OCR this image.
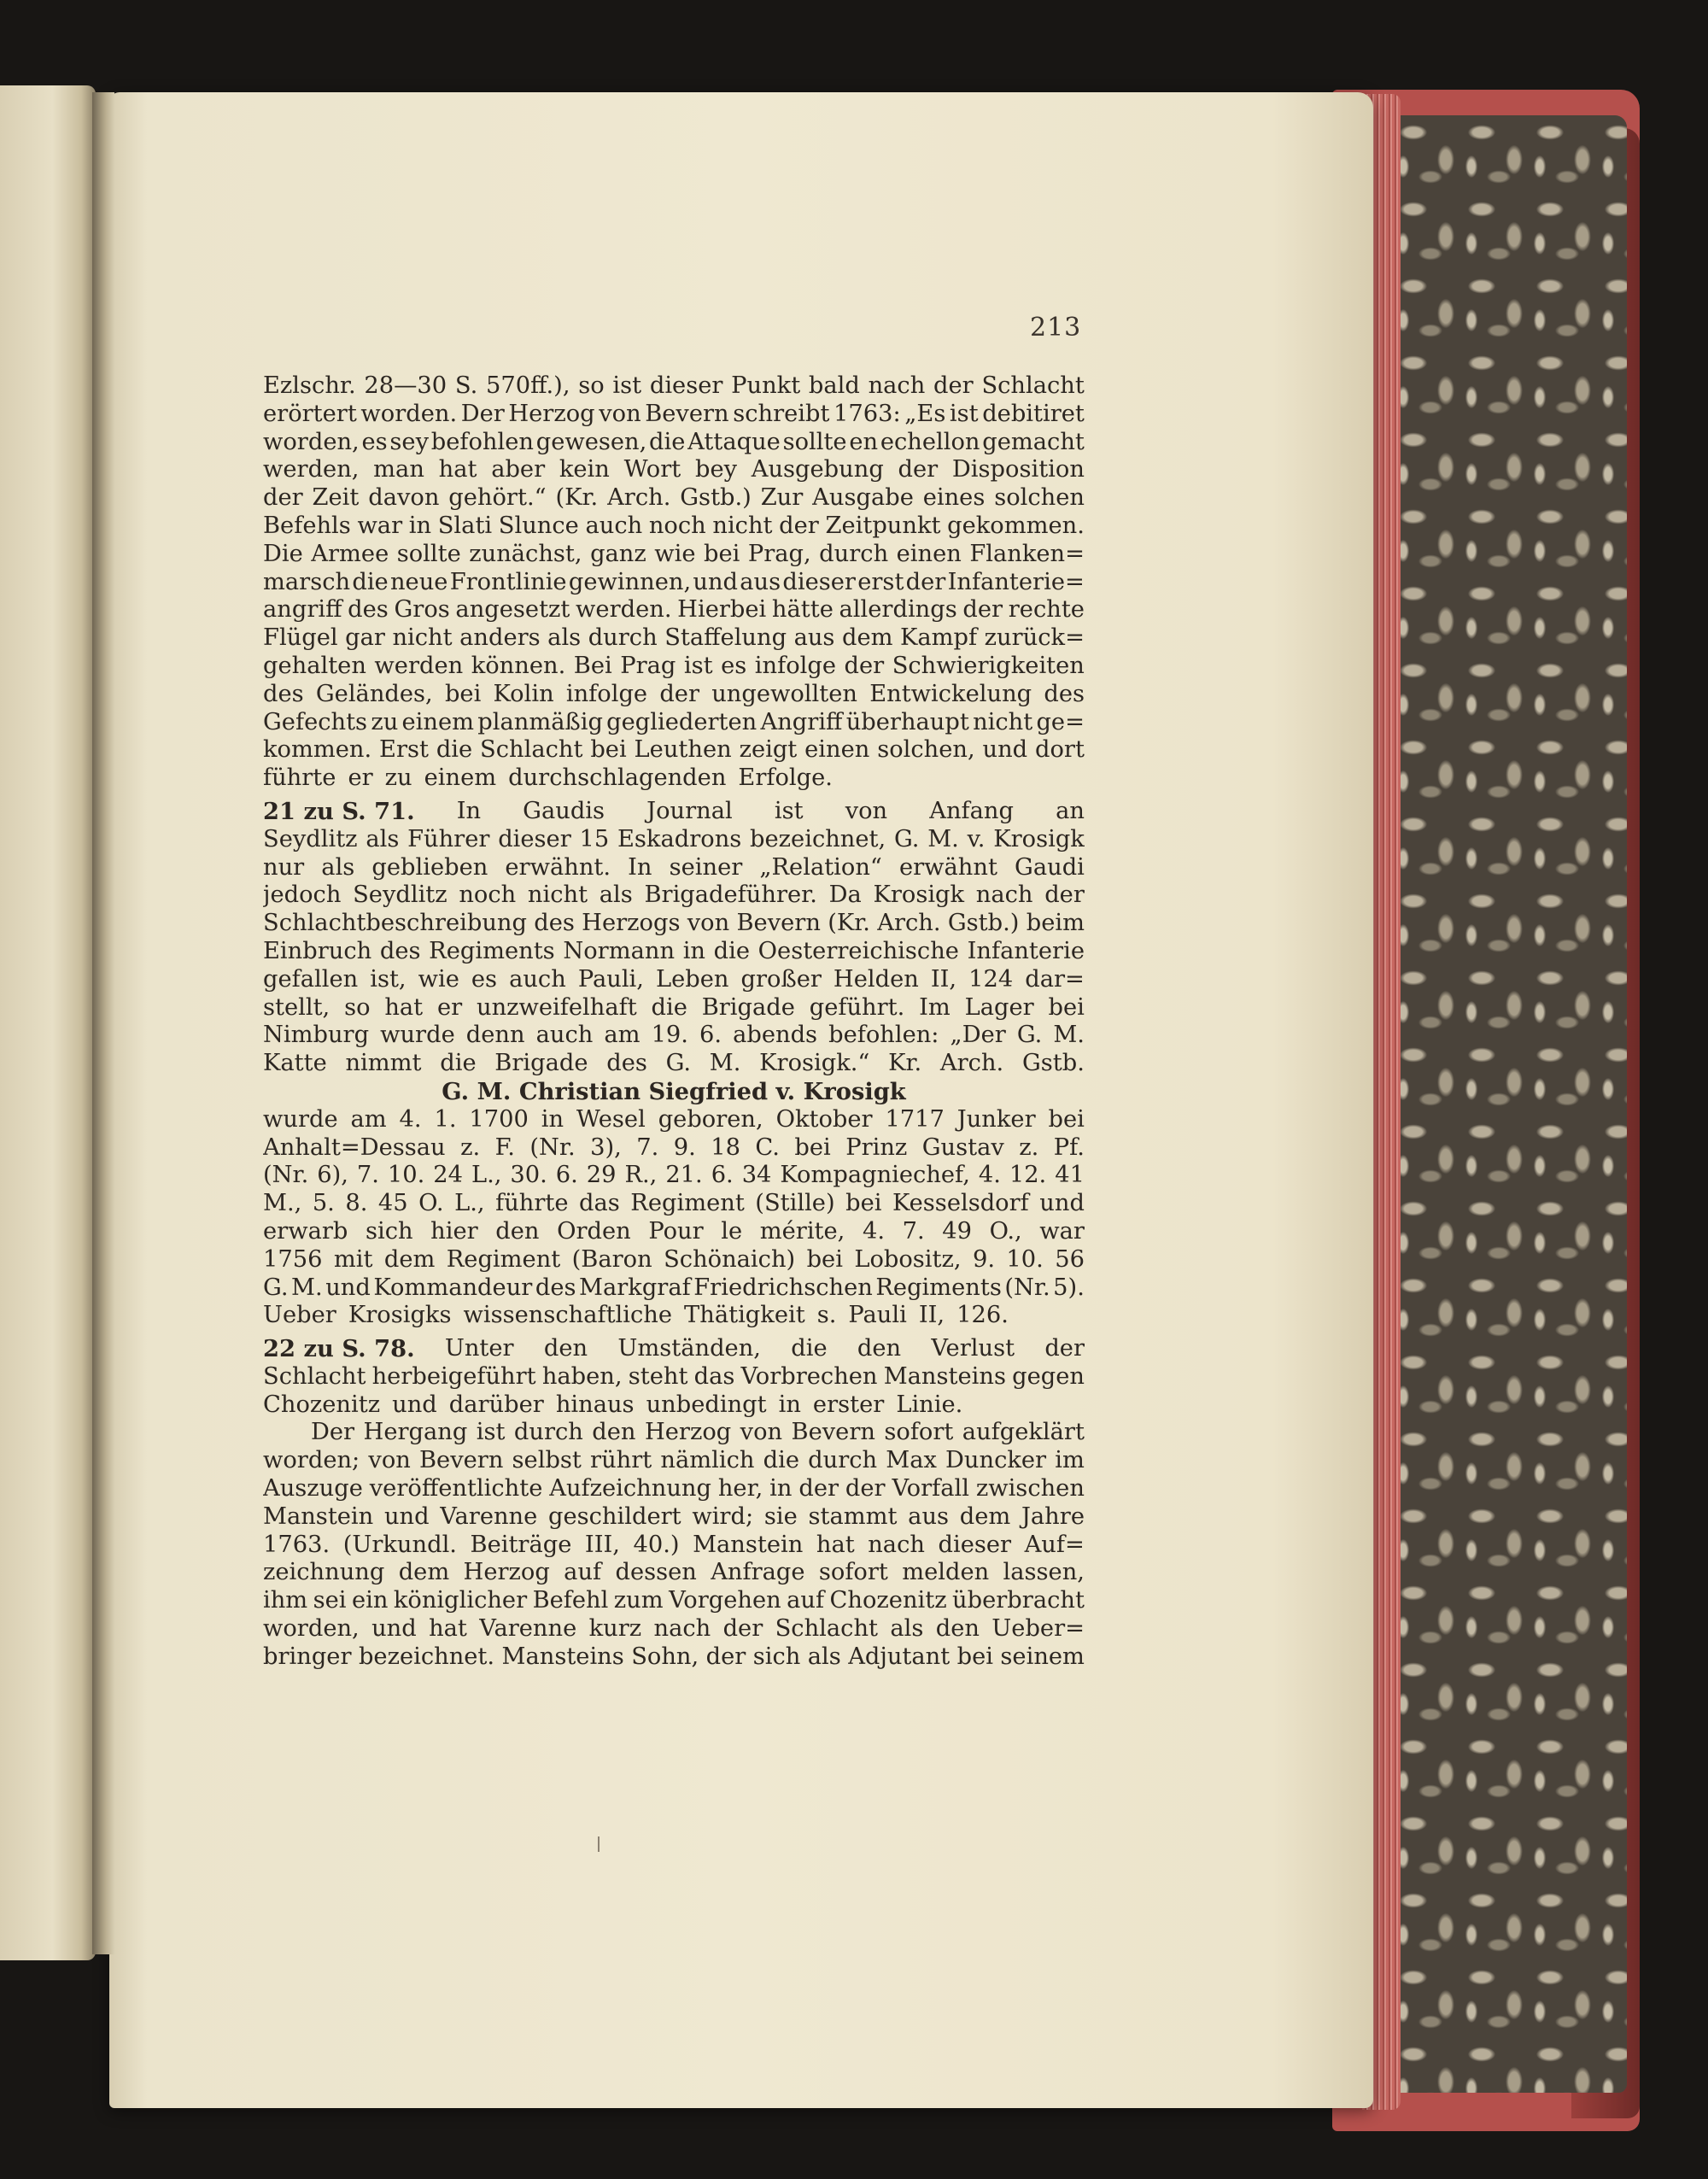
213
Ezlschr. 28—30 S. 570ff.), so ist dieser Punkt bald nach der Schlacht
erörtert worden. Der Herzog von Bevern schreibt 1763: „Es ist debitiret
worden, es sey befohlen gewesen, die Attaque sollte en echellon gemacht
werden, man hat aber kein Wort bey Ausgebung der Disposition
der Zeit davon gehört.“ (Kr. Arch. Gstb.) Zur Ausgabe eines solchen
Befehls war in Slati Slunce auch noch nicht der Zeitpunkt gekommen.
Die Armee sollte zunächst, ganz wie bei Prag, durch einen Flanken=
marsch die neue Frontlinie gewinnen, und aus dieser erst der Infanterie=
angriff des Gros angesetzt werden. Hierbei hätte allerdings der rechte
Flügel gar nicht anders als durch Staffelung aus dem Kampf zurück=
gehalten werden können. Bei Prag ist es infolge der Schwierigkeiten
des Geländes, bei Kolin infolge der ungewollten Entwickelung des
Gefechts zu einem planmäßig gegliederten Angriff überhaupt nicht ge=
kommen. Erst die Schlacht bei Leuthen zeigt einen solchen, und dort
führte er zu einem durchschlagenden Erfolge.
21 zu S. 71. In Gaudis Journal ist von Anfang an
Seydlitz als Führer dieser 15 Eskadrons bezeichnet, G. M. v. Krosigk
nur als geblieben erwähnt. In seiner „Relation“ erwähnt Gaudi
jedoch Seydlitz noch nicht als Brigadeführer. Da Krosigk nach der
Schlachtbeschreibung des Herzogs von Bevern (Kr. Arch. Gstb.) beim
Einbruch des Regiments Normann in die Oesterreichische Infanterie
gefallen ist, wie es auch Pauli, Leben großer Helden II, 124 dar=
stellt, so hat er unzweifelhaft die Brigade geführt. Im Lager bei
Nimburg wurde denn auch am 19. 6. abends befohlen: „Der G. M.
Katte nimmt die Brigade des G. M. Krosigk.“ Kr. Arch. Gstb.
G. M. Christian Siegfried v. Krosigk
wurde am 4. 1. 1700 in Wesel geboren, Oktober 1717 Junker bei
Anhalt=Dessau z. F. (Nr. 3), 7. 9. 18 C. bei Prinz Gustav z. Pf.
(Nr. 6), 7. 10. 24 L., 30. 6. 29 R., 21. 6. 34 Kompagniechef, 4. 12. 41
M., 5. 8. 45 O. L., führte das Regiment (Stille) bei Kesselsdorf und
erwarb sich hier den Orden Pour le mérite, 4. 7. 49 O., war
1756 mit dem Regiment (Baron Schönaich) bei Lobositz, 9. 10. 56
G. M. und Kommandeur des Markgraf Friedrichschen Regiments (Nr. 5).
Ueber Krosigks wissenschaftliche Thätigkeit s. Pauli II, 126.
22 zu S. 78. Unter den Umständen, die den Verlust der
Schlacht herbeigeführt haben, steht das Vorbrechen Mansteins gegen
Chozenitz und darüber hinaus unbedingt in erster Linie.
Der Hergang ist durch den Herzog von Bevern sofort aufgeklärt
worden; von Bevern selbst rührt nämlich die durch Max Duncker im
Auszuge veröffentlichte Aufzeichnung her, in der der Vorfall zwischen
Manstein und Varenne geschildert wird; sie stammt aus dem Jahre
1763. (Urkundl. Beiträge III, 40.) Manstein hat nach dieser Auf=
zeichnung dem Herzog auf dessen Anfrage sofort melden lassen,
ihm sei ein königlicher Befehl zum Vorgehen auf Chozenitz überbracht
worden, und hat Varenne kurz nach der Schlacht als den Ueber=
bringer bezeichnet. Mansteins Sohn, der sich als Adjutant bei seinem
